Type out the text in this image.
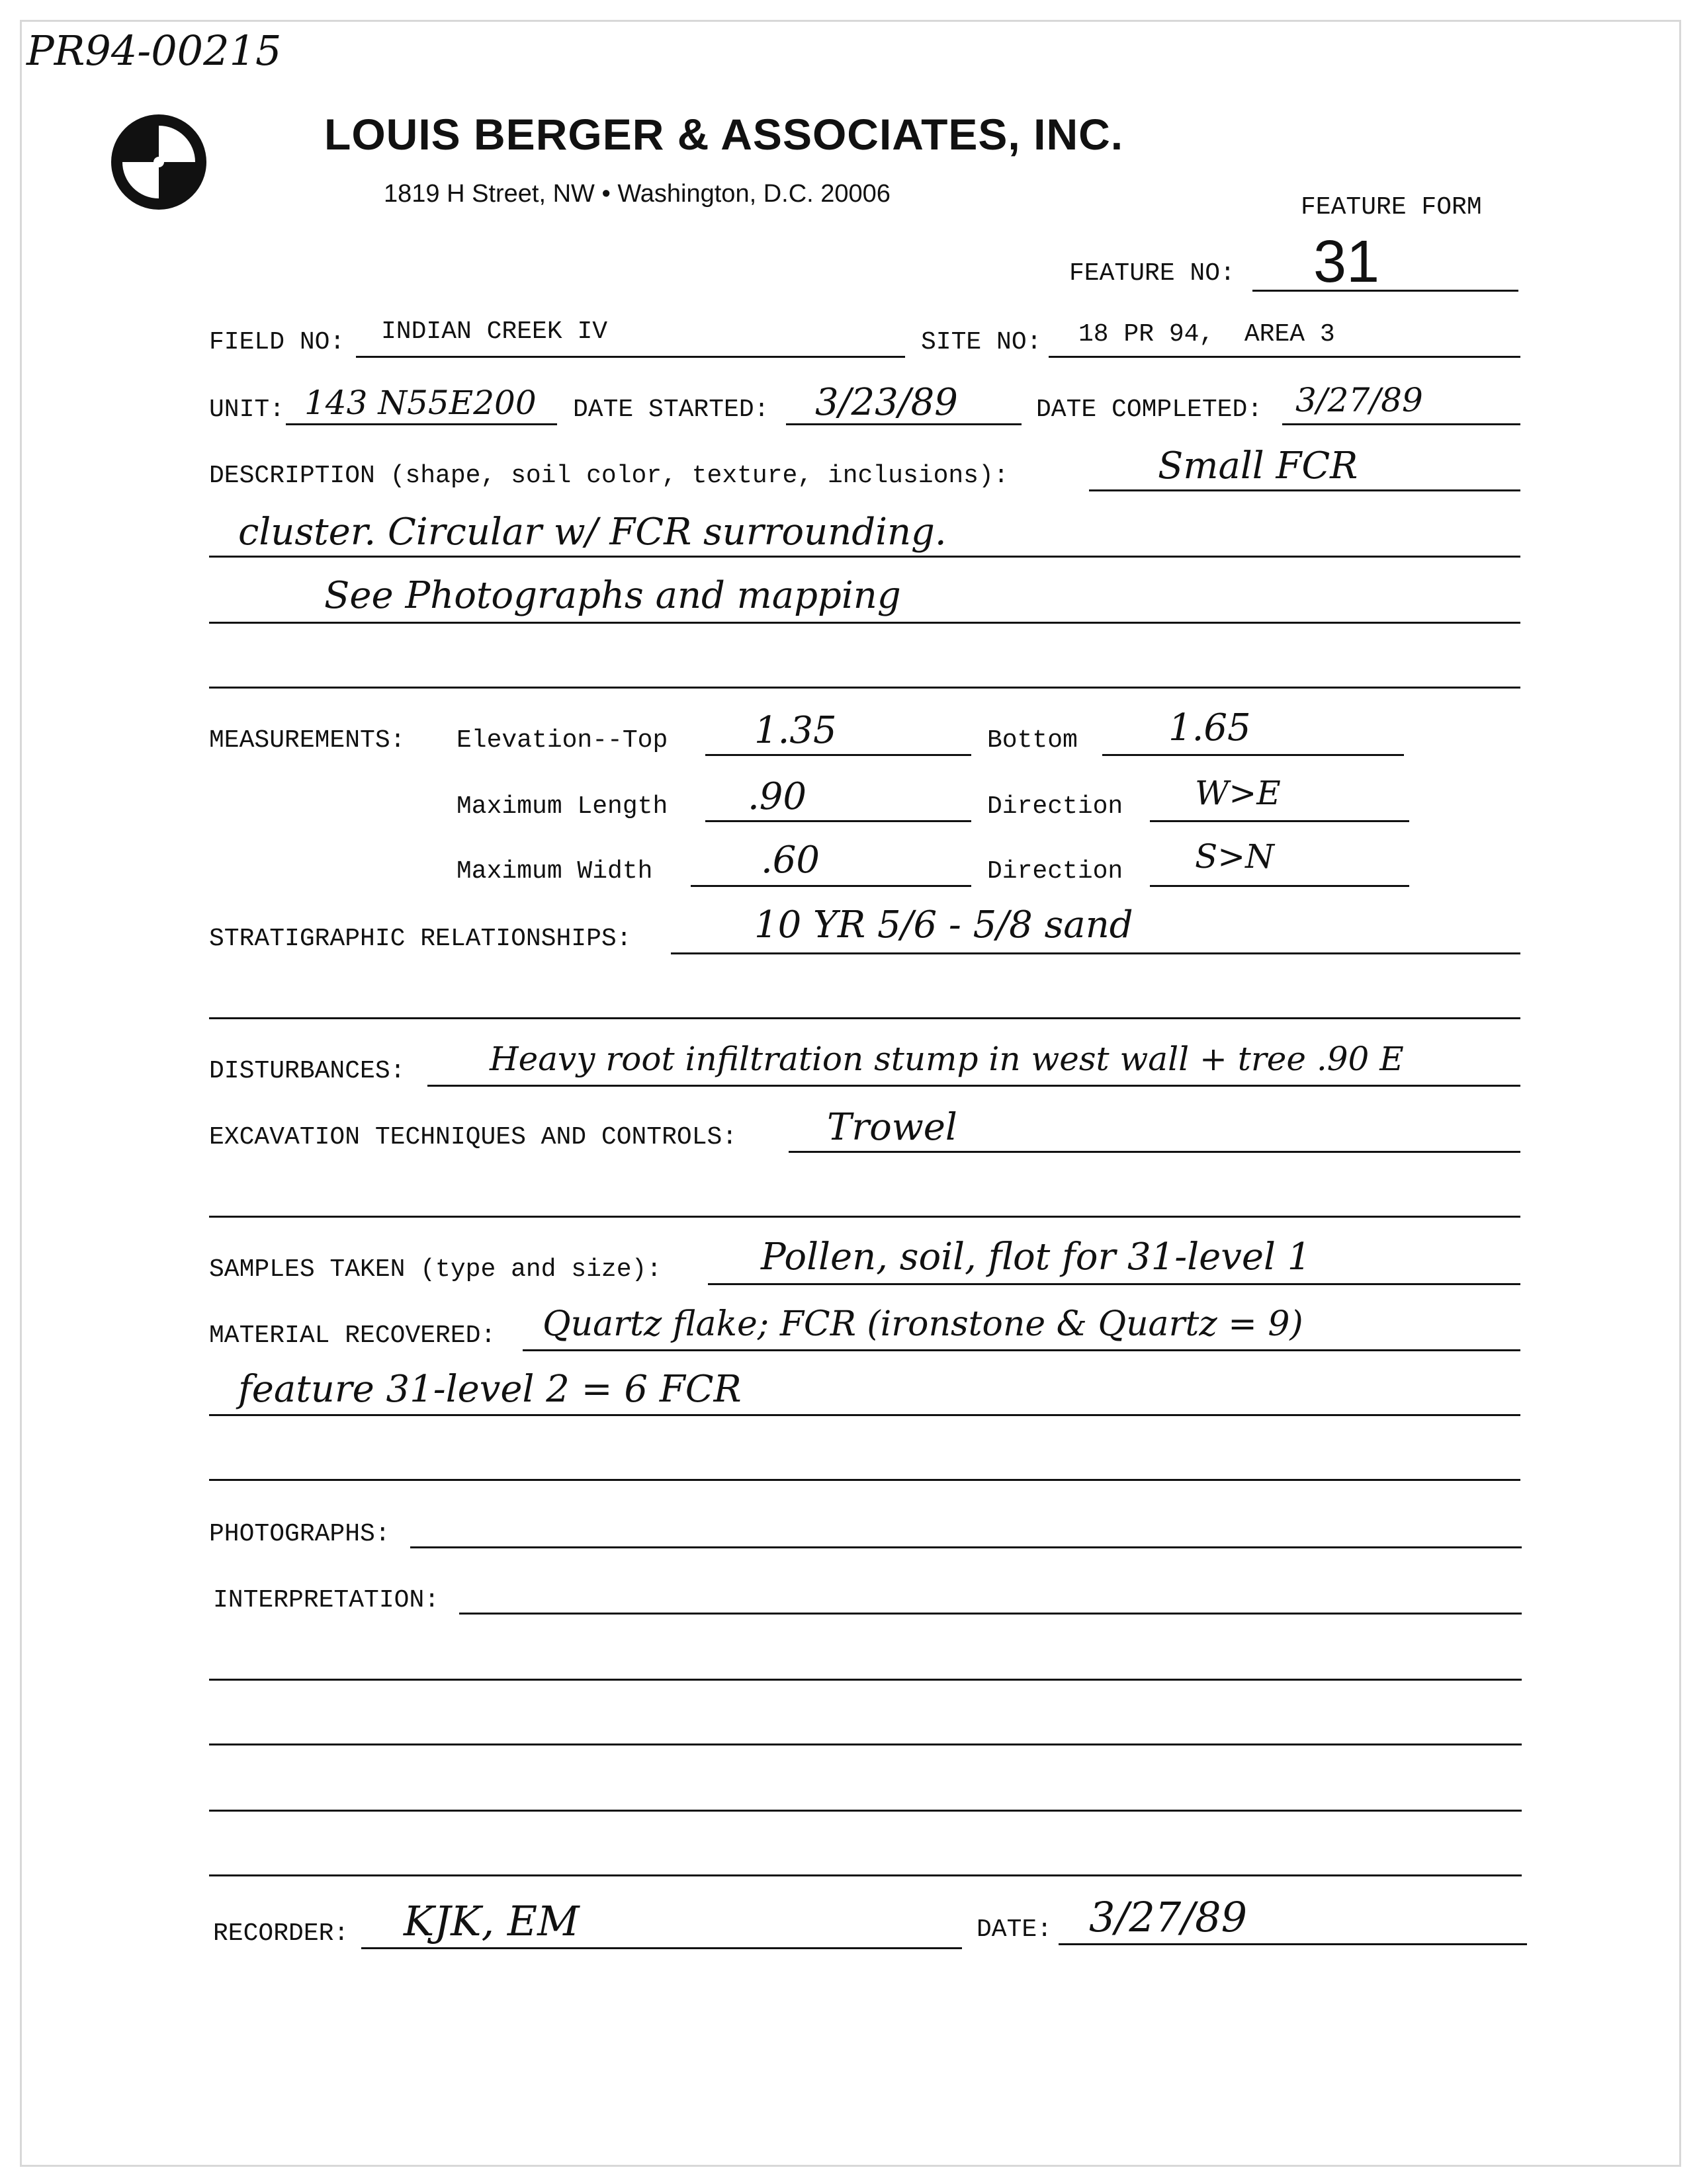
PR94-00215
LOUIS BERGER & ASSOCIATES, INC.
1819 H Street, NW • Washington, D.C. 20006	FEATURE FORM
FEATURE NO: 31
FIELD NO: INDIAN CREEK IV	SITE NO: 18 PR 94,  AREA 3
UNIT: 143 N55E200 DATE STARTED: 3/23/89	DATE COMPLETED: 3/27/89
DESCRIPTION (shape, soil color, texture, inclusions):	Small FCR
cluster. Circular w/ FCR surrounding.
See Photographs and mapping
MEASUREMENTS: Elevation--Top 1.35	Bottom 1.65
Maximum Length .90	Direction W>E
Maximum Width	.60	Direction S>N
STRATIGRAPHIC RELATIONSHIPS:	10 YR 5/6 - 5/8 sand
DISTURBANCES:	Heavy root infiltration stump in west wall + tree .90 E
EXCAVATION TECHNIQUES AND CONTROLS: Trowel
SAMPLES TAKEN (type and size):	Pollen, soil, flot for 31-level 1
MATERIAL RECOVERED: Quartz flake; FCR (ironstone & Quartz = 9)
feature 31-level 2 = 6 FCR
PHOTOGRAPHS:
INTERPRETATION:
RECORDER: KJK, EM	DATE: 3/27/89
